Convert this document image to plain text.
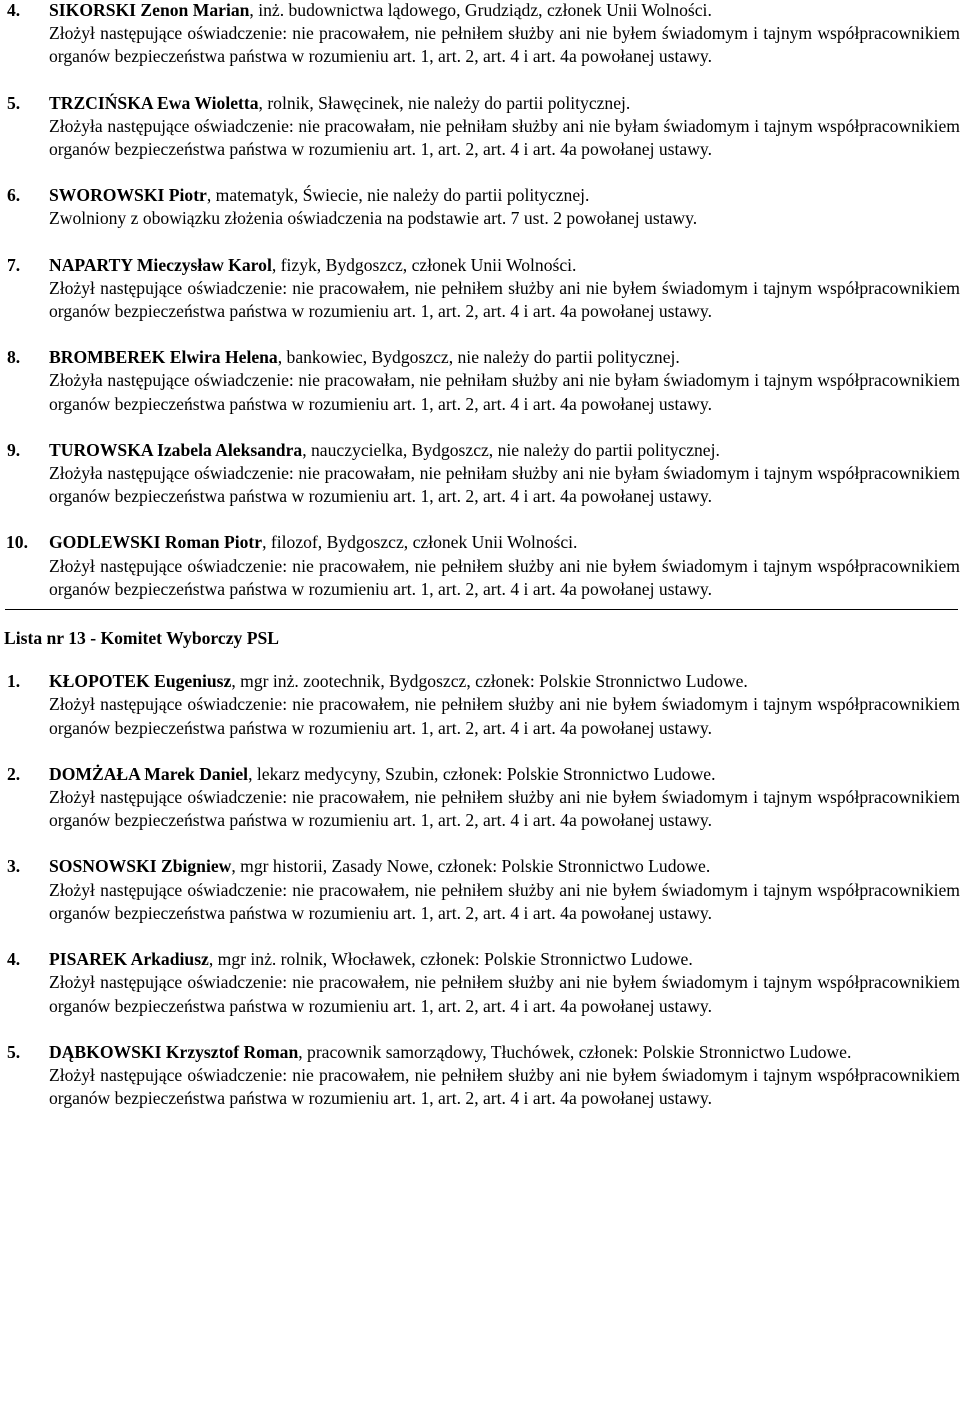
4. SIKORSKI Zenon Marian, inż. budownictwa lądowego, Grudziądz, członek Unii Wolności.
Złożył następujące oświadczenie: nie pracowałem, nie pełniłem służby ani nie byłem świadomym i tajnym współpracownikiem organów bezpieczeństwa państwa w rozumieniu art. 1, art. 2, art. 4 i art. 4a powołanej ustawy.
5. TRZCIŃSKA Ewa Wioletta, rolnik, Sławęcinek, nie należy do partii politycznej.
Złożyła następujące oświadczenie: nie pracowałam, nie pełniłam służby ani nie byłam świadomym i tajnym współpracownikiem organów bezpieczeństwa państwa w rozumieniu art. 1, art. 2, art. 4 i art. 4a powołanej ustawy.
6. SWOROWSKI Piotr, matematyk, Świecie, nie należy do partii politycznej.
Zwolniony z obowiązku złożenia oświadczenia na podstawie art. 7 ust. 2 powołanej ustawy.
7. NAPARTY Mieczysław Karol, fizyk, Bydgoszcz, członek Unii Wolności.
Złożył następujące oświadczenie: nie pracowałem, nie pełniłem służby ani nie byłem świadomym i tajnym współpracownikiem organów bezpieczeństwa państwa w rozumieniu art. 1, art. 2, art. 4 i art. 4a powołanej ustawy.
8. BROMBEREK Elwira Helena, bankowiec, Bydgoszcz, nie należy do partii politycznej.
Złożyła następujące oświadczenie: nie pracowałam, nie pełniłam służby ani nie byłam świadomym i tajnym współpracownikiem organów bezpieczeństwa państwa w rozumieniu art. 1, art. 2, art. 4 i art. 4a powołanej ustawy.
9. TUROWSKA Izabela Aleksandra, nauczycielka, Bydgoszcz, nie należy do partii politycznej.
Złożyła następujące oświadczenie: nie pracowałam, nie pełniłam służby ani nie byłam świadomym i tajnym współpracownikiem organów bezpieczeństwa państwa w rozumieniu art. 1, art. 2, art. 4 i art. 4a powołanej ustawy.
10. GODLEWSKI Roman Piotr, filozof, Bydgoszcz, członek Unii Wolności.
Złożył następujące oświadczenie: nie pracowałem, nie pełniłem służby ani nie byłem świadomym i tajnym współpracownikiem organów bezpieczeństwa państwa w rozumieniu art. 1, art. 2, art. 4 i art. 4a powołanej ustawy.
Lista nr 13 - Komitet Wyborczy PSL
1. KŁOPOTEK Eugeniusz, mgr inż. zootechnik, Bydgoszcz, członek: Polskie Stronnictwo Ludowe.
Złożył następujące oświadczenie: nie pracowałem, nie pełniłem służby ani nie byłem świadomym i tajnym współpracownikiem organów bezpieczeństwa państwa w rozumieniu art. 1, art. 2, art. 4 i art. 4a powołanej ustawy.
2. DOMŻAŁA Marek Daniel, lekarz medycyny, Szubin, członek: Polskie Stronnictwo Ludowe.
Złożył następujące oświadczenie: nie pracowałem, nie pełniłem służby ani nie byłem świadomym i tajnym współpracownikiem organów bezpieczeństwa państwa w rozumieniu art. 1, art. 2, art. 4 i art. 4a powołanej ustawy.
3. SOSNOWSKI Zbigniew, mgr historii, Zasady Nowe, członek: Polskie Stronnictwo Ludowe.
Złożył następujące oświadczenie: nie pracowałem, nie pełniłem służby ani nie byłem świadomym i tajnym współpracownikiem organów bezpieczeństwa państwa w rozumieniu art. 1, art. 2, art. 4 i art. 4a powołanej ustawy.
4. PISAREK Arkadiusz, mgr inż. rolnik, Włocławek, członek: Polskie Stronnictwo Ludowe.
Złożył następujące oświadczenie: nie pracowałem, nie pełniłem służby ani nie byłem świadomym i tajnym współpracownikiem organów bezpieczeństwa państwa w rozumieniu art. 1, art. 2, art. 4 i art. 4a powołanej ustawy.
5. DĄBKOWSKI Krzysztof Roman, pracownik samorządowy, Tłuchówek, członek: Polskie Stronnictwo Ludowe.
Złożył następujące oświadczenie: nie pracowałem, nie pełniłem służby ani nie byłem świadomym i tajnym współpracownikiem organów bezpieczeństwa państwa w rozumieniu art. 1, art. 2, art. 4 i art. 4a powołanej ustawy.
